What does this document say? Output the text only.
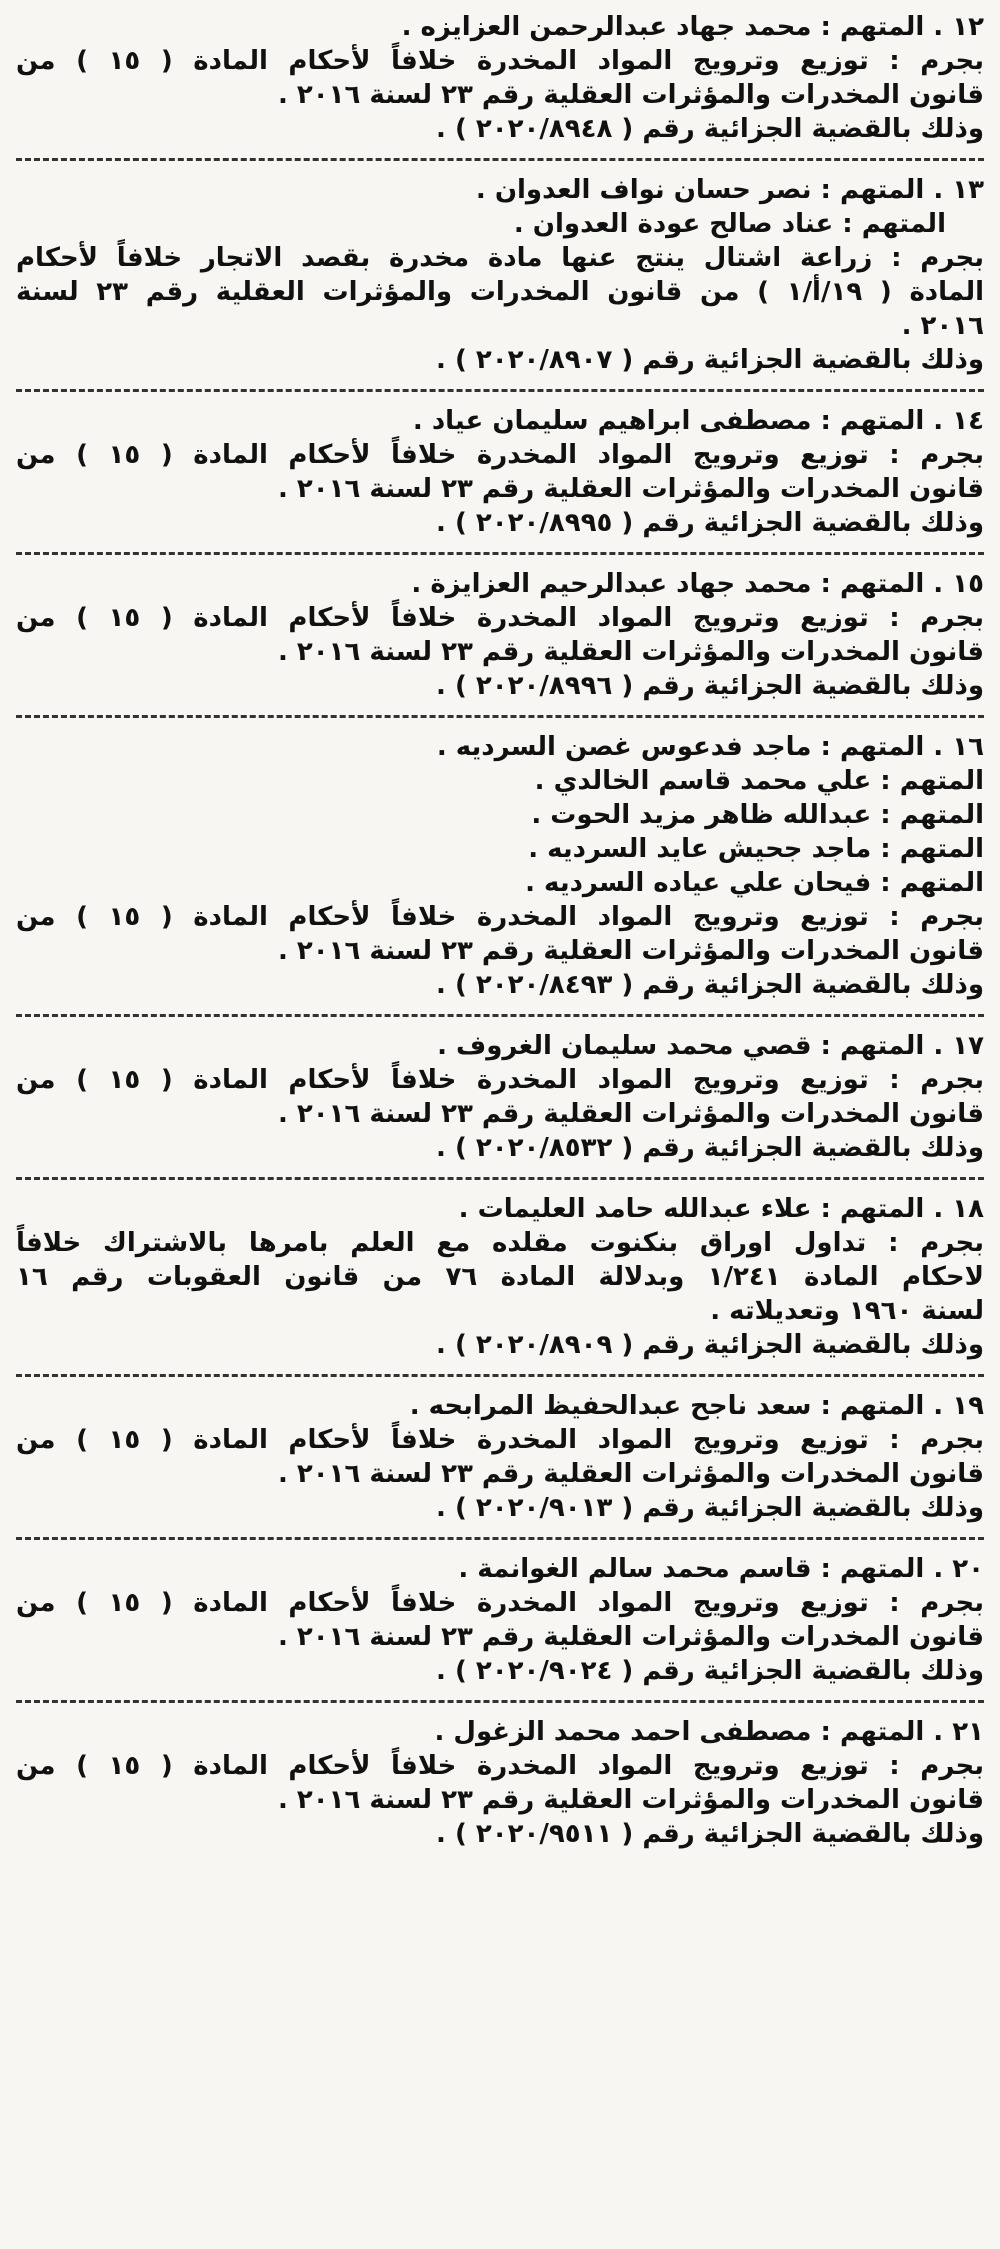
١٢ . المتهم : محمد جهاد عبدالرحمن العزايزه .
بجرم : توزيع وترويج المواد المخدرة خلافاً لأحكام المادة ( ١٥ ) من
قانون المخدرات والمؤثرات العقلية رقم ٢٣ لسنة ٢٠١٦ .
وذلك بالقضية الجزائية رقم ( ٢٠٢٠/٨٩٤٨ ) .
١٣ . المتهم : نصر حسان نواف العدوان .
المتهم : عناد صالح عودة العدوان .
بجرم : زراعة اشتال ينتج عنها مادة مخدرة بقصد الاتجار خلافاً لأحكام
المادة ( ١٩/أ/١ ) من قانون المخدرات والمؤثرات العقلية رقم ٢٣ لسنة
٢٠١٦ .
وذلك بالقضية الجزائية رقم ( ٢٠٢٠/٨٩٠٧ ) .
١٤ . المتهم : مصطفى ابراهيم سليمان عياد .
بجرم : توزيع وترويج المواد المخدرة خلافاً لأحكام المادة ( ١٥ ) من
قانون المخدرات والمؤثرات العقلية رقم ٢٣ لسنة ٢٠١٦ .
وذلك بالقضية الجزائية رقم ( ٢٠٢٠/٨٩٩٥ ) .
١٥ . المتهم : محمد جهاد عبدالرحيم العزايزة .
بجرم : توزيع وترويج المواد المخدرة خلافاً لأحكام المادة ( ١٥ ) من
قانون المخدرات والمؤثرات العقلية رقم ٢٣ لسنة ٢٠١٦ .
وذلك بالقضية الجزائية رقم ( ٢٠٢٠/٨٩٩٦ ) .
١٦ . المتهم : ماجد فدعوس غصن السرديه .
المتهم : علي محمد قاسم الخالدي .
المتهم : عبدالله ظاهر مزيد الحوت .
المتهم : ماجد جحيش عايد السرديه .
المتهم : فيحان علي عياده السرديه .
بجرم : توزيع وترويج المواد المخدرة خلافاً لأحكام المادة ( ١٥ ) من
قانون المخدرات والمؤثرات العقلية رقم ٢٣ لسنة ٢٠١٦ .
وذلك بالقضية الجزائية رقم ( ٢٠٢٠/٨٤٩٣ ) .
١٧ . المتهم : قصي محمد سليمان الغروف .
بجرم : توزيع وترويج المواد المخدرة خلافاً لأحكام المادة ( ١٥ ) من
قانون المخدرات والمؤثرات العقلية رقم ٢٣ لسنة ٢٠١٦ .
وذلك بالقضية الجزائية رقم ( ٢٠٢٠/٨٥٣٢ ) .
١٨ . المتهم : علاء عبدالله حامد العليمات .
بجرم : تداول اوراق بنكنوت مقلده مع العلم بامرها بالاشتراك خلافاً
لاحكام المادة ١/٢٤١ وبدلالة المادة ٧٦ من قانون العقوبات رقم ١٦
لسنة ١٩٦٠ وتعديلاته .
وذلك بالقضية الجزائية رقم ( ٢٠٢٠/٨٩٠٩ ) .
١٩ . المتهم : سعد ناجح عبدالحفيظ المرابحه .
بجرم : توزيع وترويج المواد المخدرة خلافاً لأحكام المادة ( ١٥ ) من
قانون المخدرات والمؤثرات العقلية رقم ٢٣ لسنة ٢٠١٦ .
وذلك بالقضية الجزائية رقم ( ٢٠٢٠/٩٠١٣ ) .
٢٠ . المتهم : قاسم محمد سالم الغوانمة .
بجرم : توزيع وترويج المواد المخدرة خلافاً لأحكام المادة ( ١٥ ) من
قانون المخدرات والمؤثرات العقلية رقم ٢٣ لسنة ٢٠١٦ .
وذلك بالقضية الجزائية رقم ( ٢٠٢٠/٩٠٢٤ ) .
٢١ . المتهم : مصطفى احمد محمد الزغول .
بجرم : توزيع وترويج المواد المخدرة خلافاً لأحكام المادة ( ١٥ ) من
قانون المخدرات والمؤثرات العقلية رقم ٢٣ لسنة ٢٠١٦ .
وذلك بالقضية الجزائية رقم ( ٢٠٢٠/٩٥١١ ) .
